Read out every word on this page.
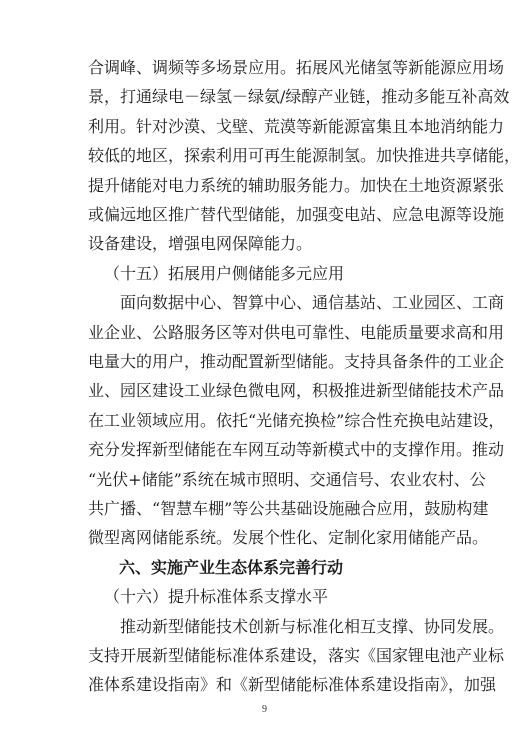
合调峰、调频等多场景应用。拓展风光储氢等新能源应用场
景，打通绿电－绿氢－绿氨/绿醇产业链，推动多能互补高效
利用。针对沙漠、戈壁、荒漠等新能源富集且本地消纳能力
较低的地区，探索利用可再生能源制氢。加快推进共享储能，
提升储能对电力系统的辅助服务能力。加快在土地资源紧张
或偏远地区推广替代型储能，加强变电站、应急电源等设施
设备建设，增强电网保障能力。
（十五）拓展用户侧储能多元应用
面向数据中心、智算中心、通信基站、工业园区、工商
业企业、公路服务区等对供电可靠性、电能质量要求高和用
电量大的用户，推动配置新型储能。支持具备条件的工业企
业、园区建设工业绿色微电网，积极推进新型储能技术产品
在工业领域应用。依托“光储充换检”综合性充换电站建设，
充分发挥新型储能在车网互动等新模式中的支撑作用。推动
“光伏+储能”系统在城市照明、交通信号、农业农村、公
共广播、“智慧车棚”等公共基础设施融合应用，鼓励构建
微型离网储能系统。发展个性化、定制化家用储能产品。
六、实施产业生态体系完善行动
（十六）提升标准体系支撑水平
推动新型储能技术创新与标准化相互支撑、协同发展。
9
支持开展新型储能标准体系建设，落实《国家锂电池产业标
准体系建设指南》和《新型储能标准体系建设指南》，加强
